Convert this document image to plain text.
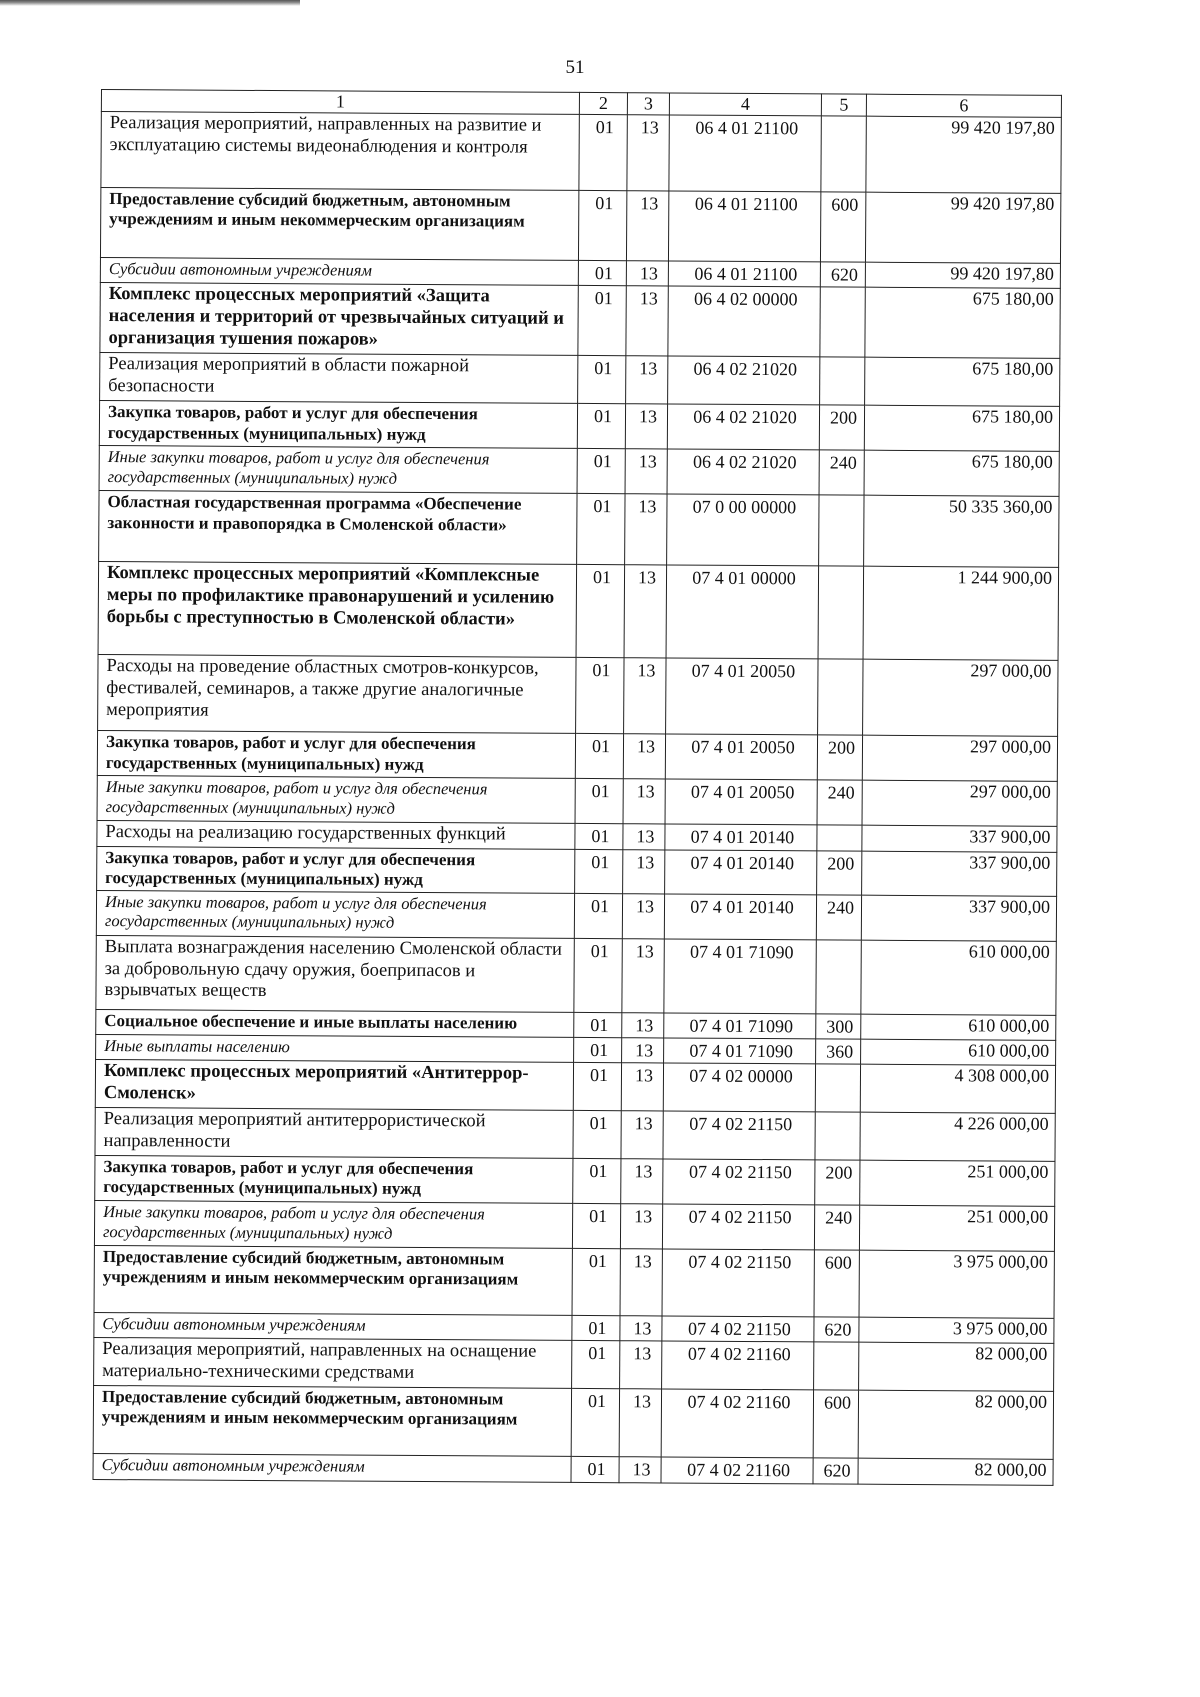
51
1	2	3	4	5	6
Реализация мероприятий, направленных на развитие и эксплуатацию системы видеонаблюдения и контроля	01	13	06 4 01 21100		99 420 197,80
Предоставление субсидий бюджетным, автономным учреждениям и иным некоммерческим организациям	01	13	06 4 01 21100	600	99 420 197,80
Субсидии автономным учреждениям	01	13	06 4 01 21100	620	99 420 197,80
Комплекс процессных мероприятий «Защита населения и территорий от чрезвычайных ситуаций и организация тушения пожаров»	01	13	06 4 02 00000		675 180,00
Реализация мероприятий в области пожарной безопасности	01	13	06 4 02 21020		675 180,00
Закупка товаров, работ и услуг для обеспечения государственных (муниципальных) нужд	01	13	06 4 02 21020	200	675 180,00
Иные закупки товаров, работ и услуг для обеспечения государственных (муниципальных) нужд	01	13	06 4 02 21020	240	675 180,00
Областная государственная программа «Обеспечение законности и правопорядка в Смоленской области»	01	13	07 0 00 00000		50 335 360,00
Комплекс процессных мероприятий «Комплексные меры по профилактике правонарушений и усилению борьбы с преступностью в Смоленской области»	01	13	07 4 01 00000		1 244 900,00
Расходы на проведение областных смотров-конкурсов, фестивалей, семинаров, а также другие аналогичные мероприятия	01	13	07 4 01 20050		297 000,00
Закупка товаров, работ и услуг для обеспечения государственных (муниципальных) нужд	01	13	07 4 01 20050	200	297 000,00
Иные закупки товаров, работ и услуг для обеспечения государственных (муниципальных) нужд	01	13	07 4 01 20050	240	297 000,00
Расходы на реализацию государственных функций	01	13	07 4 01 20140		337 900,00
Закупка товаров, работ и услуг для обеспечения государственных (муниципальных) нужд	01	13	07 4 01 20140	200	337 900,00
Иные закупки товаров, работ и услуг для обеспечения государственных (муниципальных) нужд	01	13	07 4 01 20140	240	337 900,00
Выплата вознаграждения населению Смоленской области за добровольную сдачу оружия, боеприпасов и взрывчатых веществ	01	13	07 4 01 71090		610 000,00
Социальное обеспечение и иные выплаты населению	01	13	07 4 01 71090	300	610 000,00
Иные выплаты населению	01	13	07 4 01 71090	360	610 000,00
Комплекс процессных мероприятий «Антитеррор-Смоленск»	01	13	07 4 02 00000		4 308 000,00
Реализация мероприятий антитеррористической направленности	01	13	07 4 02 21150		4 226 000,00
Закупка товаров, работ и услуг для обеспечения государственных (муниципальных) нужд	01	13	07 4 02 21150	200	251 000,00
Иные закупки товаров, работ и услуг для обеспечения государственных (муниципальных) нужд	01	13	07 4 02 21150	240	251 000,00
Предоставление субсидий бюджетным, автономным учреждениям и иным некоммерческим организациям	01	13	07 4 02 21150	600	3 975 000,00
Субсидии автономным учреждениям	01	13	07 4 02 21150	620	3 975 000,00
Реализация мероприятий, направленных на оснащение материально-техническими средствами	01	13	07 4 02 21160		82 000,00
Предоставление субсидий бюджетным, автономным учреждениям и иным некоммерческим организациям	01	13	07 4 02 21160	600	82 000,00
Субсидии автономным учреждениям	01	13	07 4 02 21160	620	82 000,00
